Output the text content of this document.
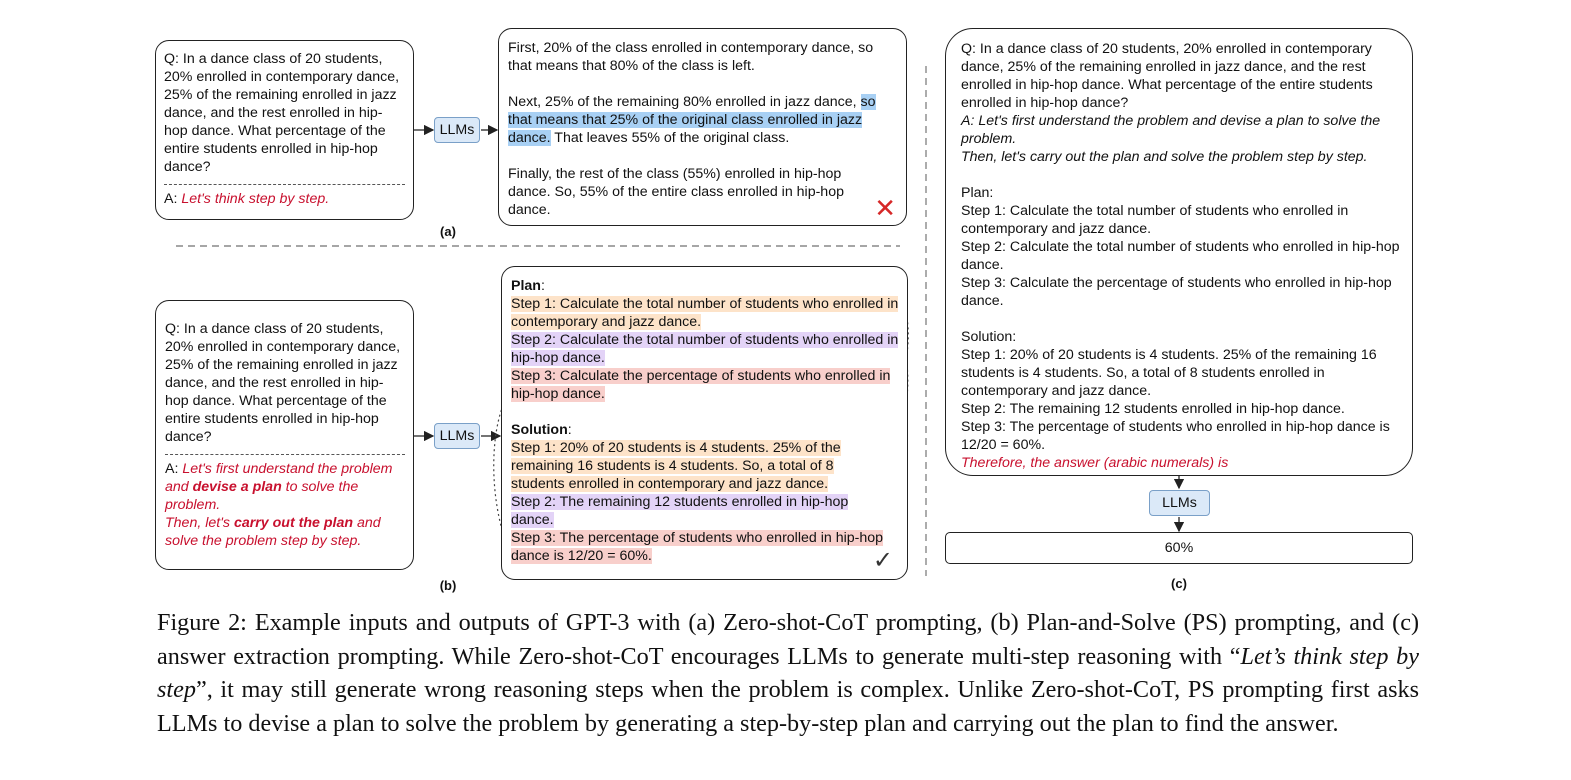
Q: In a dance class of 20 students, 20% enrolled in contemporary dance, 25% of the remaining enrolled in jazz dance, and the rest enrolled in hip-hop dance. What percentage of the entire students enrolled in hip-hop dance?

A: Let's think step by step.

LLMs

First, 20% of the class enrolled in contemporary dance, so that means that 80% of the class is left.

Next, 25% of the remaining 80% enrolled in jazz dance, so that means that 25% of the original class enrolled in jazz dance. That leaves 55% of the original class.

Finally, the rest of the class (55%) enrolled in hip-hop dance. So, 55% of the entire class enrolled in hip-hop dance.	✕
(a)

Q: In a dance class of 20 students, 20% enrolled in contemporary dance, 25% of the remaining enrolled in jazz dance, and the rest enrolled in hip-hop dance. What percentage of the entire students enrolled in hip-hop dance?

A: Let's first understand the problem and devise a plan to solve the problem.

Then, let's carry out the plan and solve the problem step by step.

LLMs

Plan:

Step 1: Calculate the total number of students who enrolled in contemporary and jazz dance.

Step 2: Calculate the total number of students who enrolled in hip-hop dance.

Step 3: Calculate the percentage of students who enrolled in hip-hop dance.

Solution:

Step 1: 20% of 20 students is 4 students. 25% of the remaining 16 students is 4 students. So, a total of 8 students enrolled in contemporary and jazz dance.

Step 2: The remaining 12 students enrolled in hip-hop dance.

Step 3: The percentage of students who enrolled in hip-hop dance is 12/20 = 60%.	✓
(b)

Q: In a dance class of 20 students, 20% enrolled in contemporary dance, 25% of the remaining enrolled in jazz dance, and the rest enrolled in hip-hop dance. What percentage of the entire students enrolled in hip-hop dance?

A: Let's first understand the problem and devise a plan to solve the problem.

Then, let's carry out the plan and solve the problem step by step.

Plan:

Step 1: Calculate the total number of students who enrolled in contemporary and jazz dance.

Step 2: Calculate the total number of students who enrolled in hip-hop dance.

Step 3: Calculate the percentage of students who enrolled in hip-hop dance.

Solution:

Step 1: 20% of 20 students is 4 students. 25% of the remaining 16 students is 4 students. So, a total of 8 students enrolled in contemporary and jazz dance.

Step 2: The remaining 12 students enrolled in hip-hop dance.

Step 3: The percentage of students who enrolled in hip-hop dance is 12/20 = 60%.

Therefore, the answer (arabic numerals) is

LLMs
60%
(c)
Figure 2: Example inputs and outputs of GPT-3 with (a) Zero-shot-CoT prompting, (b) Plan-and-Solve (PS) prompting, and (c) answer extraction prompting. While Zero-shot-CoT encourages LLMs to generate multi-step reasoning with “Let’s think step by step”, it may still generate wrong reasoning steps when the problem is complex. Unlike Zero-shot-CoT, PS prompting first asks LLMs to devise a plan to solve the problem by generating a step-by-step plan and carrying out the plan to find the answer.
